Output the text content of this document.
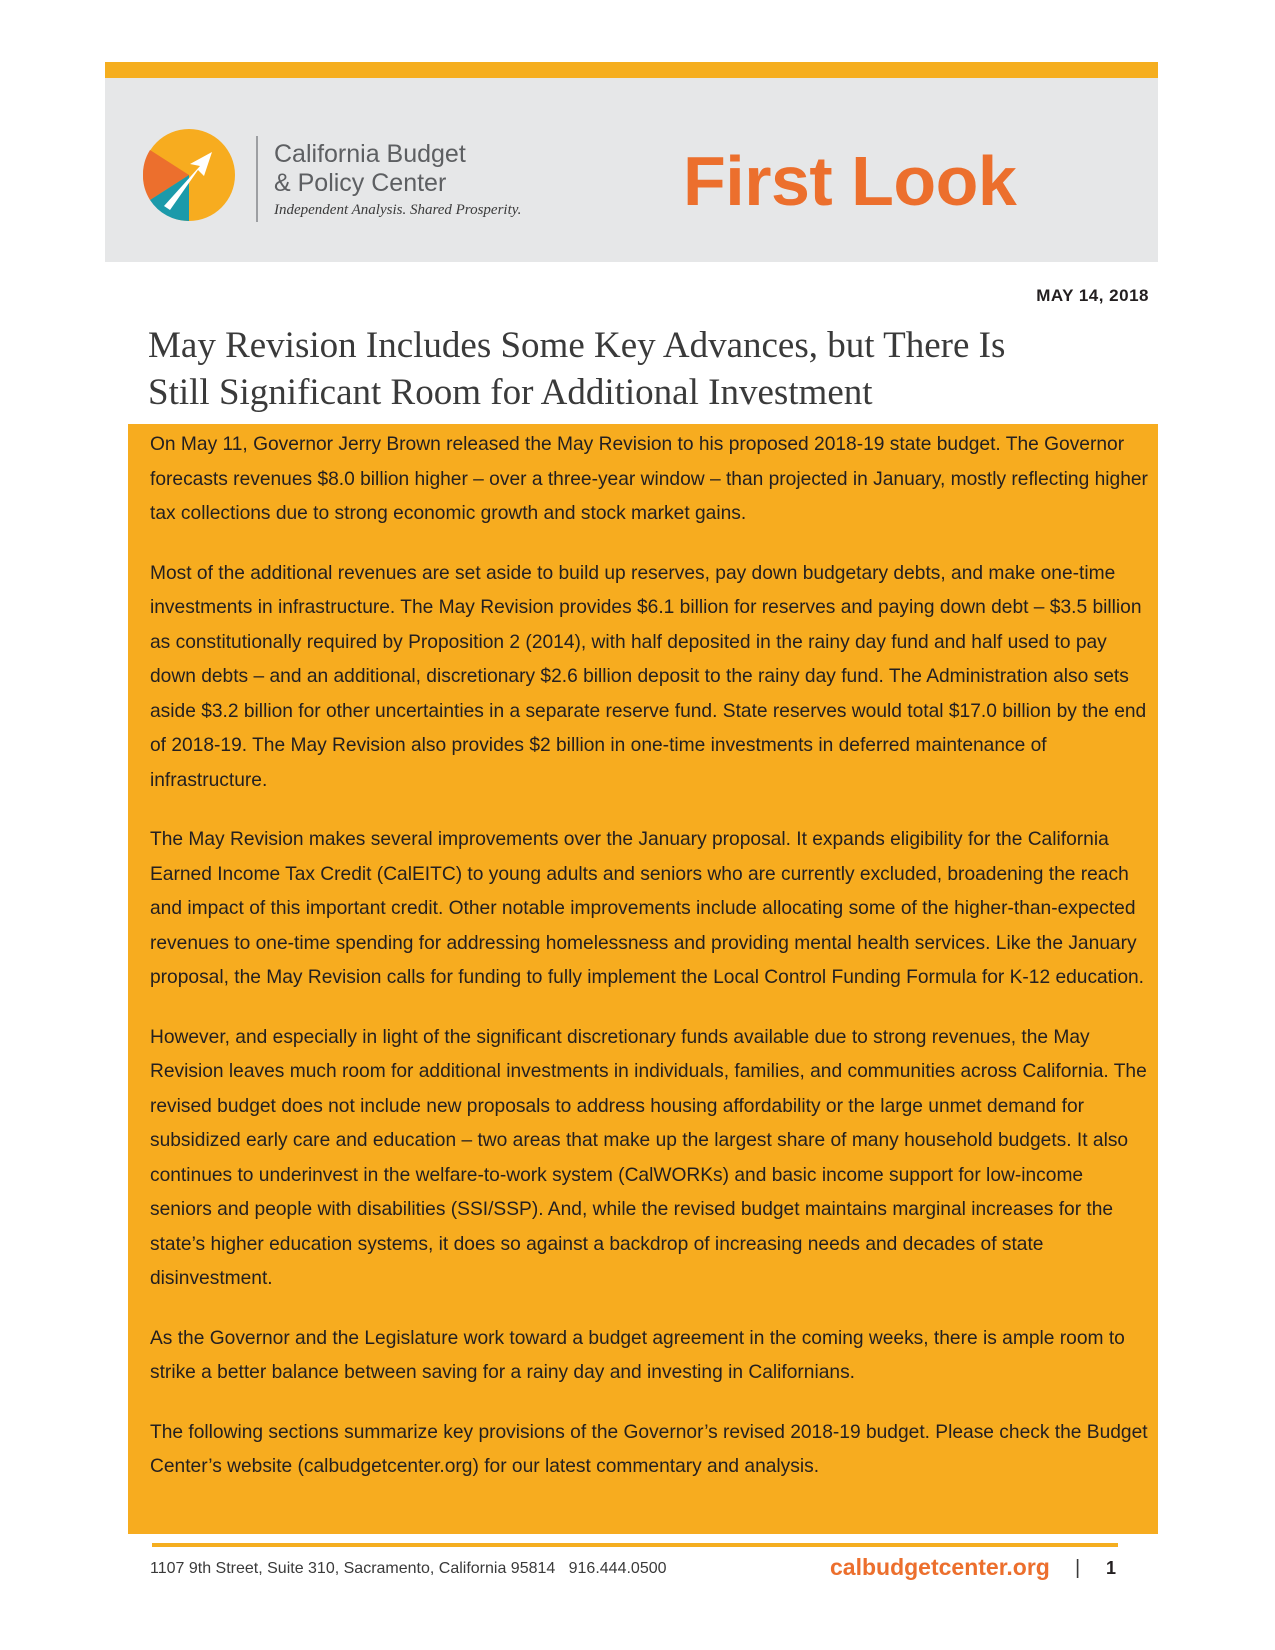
California Budget
& Policy Center
Independent Analysis. Shared Prosperity. First Look
MAY 14, 2018
May Revision Includes Some Key Advances, but There Is
Still Significant Room for Additional Investment

On May 11, Governor Jerry Brown released the May Revision to his proposed 2018-19 state budget. The Governor forecasts revenues $8.0 billion higher – over a three-year window – than projected in January, mostly reflecting higher tax collections due to strong economic growth and stock market gains.

Most of the additional revenues are set aside to build up reserves, pay down budgetary debts, and make one-time investments in infrastructure. The May Revision provides $6.1 billion for reserves and paying down debt – $3.5 billion as constitutionally required by Proposition 2 (2014), with half deposited in the rainy day fund and half used to pay down debts – and an additional, discretionary $2.6 billion deposit to the rainy day fund. The Administration also sets aside $3.2 billion for other uncertainties in a separate reserve fund. State reserves would total $17.0 billion by the end of 2018-19. The May Revision also provides $2 billion in one-time investments in deferred maintenance of infrastructure.

The May Revision makes several improvements over the January proposal. It expands eligibility for the California Earned Income Tax Credit (CalEITC) to young adults and seniors who are currently excluded, broadening the reach and impact of this important credit. Other notable improvements include allocating some of the higher-than-expected revenues to one-time spending for addressing homelessness and providing mental health services. Like the January proposal, the May Revision calls for funding to fully implement the Local Control Funding Formula for K-12 education.

However, and especially in light of the significant discretionary funds available due to strong revenues, the May Revision leaves much room for additional investments in individuals, families, and communities across California. The revised budget does not include new proposals to address housing affordability or the large unmet demand for subsidized early care and education – two areas that make up the largest share of many household budgets. It also continues to underinvest in the welfare-to-work system (CalWORKs) and basic income support for low-income seniors and people with disabilities (SSI/SSP). And, while the revised budget maintains marginal increases for the state’s higher education systems, it does so against a backdrop of increasing needs and decades of state disinvestment.

As the Governor and the Legislature work toward a budget agreement in the coming weeks, there is ample room to strike a better balance between saving for a rainy day and investing in Californians.

The following sections summarize key provisions of the Governor’s revised 2018-19 budget. Please check the Budget Center’s website (calbudgetcenter.org) for our latest commentary and analysis.

1107 9th Street, Suite 310, Sacramento, California 95814   916.444.0500	calbudgetcenter.org | 1
